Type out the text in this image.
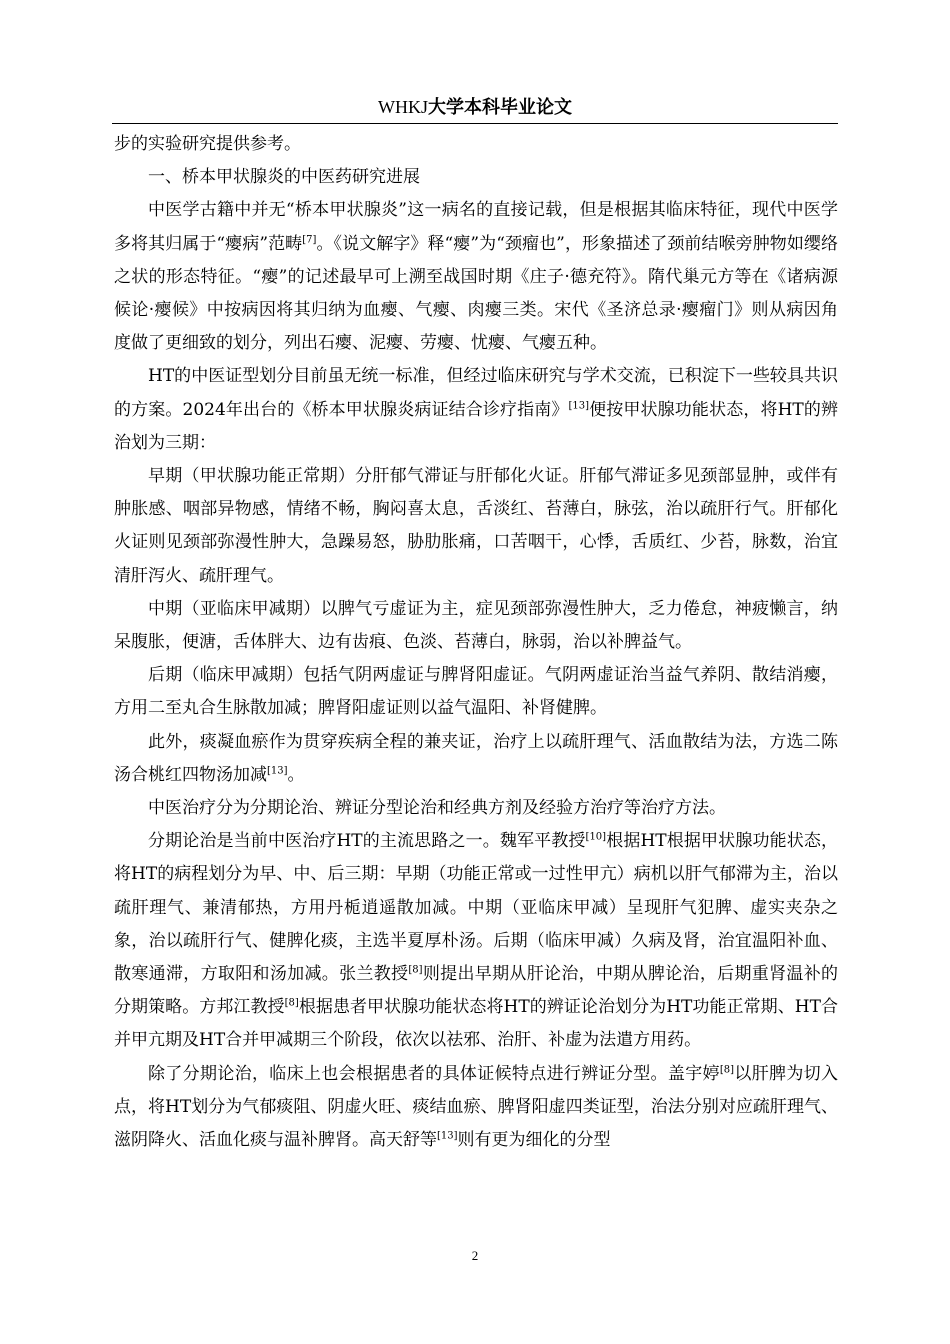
WHKJ大学本科毕业论文

步的实验研究提供参考。

一、桥本甲状腺炎的中医药研究进展

中医学古籍中并无“桥本甲状腺炎”这一病名的直接记载，但是根据其临床特征，现代中医学多将其归属于“瘿病”范畴[7]。《说文解字》释“瘿”为“颈瘤也”，形象描述了颈前结喉旁肿物如缨络之状的形态特征。“瘿”的记述最早可上溯至战国时期《庄子·德充符》。隋代巢元方等在《诸病源候论·瘿候》中按病因将其归纳为血瘿、气瘿、肉瘿三类。宋代《圣济总录·瘿瘤门》则从病因角度做了更细致的划分，列出石瘿、泥瘿、劳瘿、忧瘿、气瘿五种。

HT的中医证型划分目前虽无统一标准，但经过临床研究与学术交流，已积淀下一些较具共识的方案。2024年出台的《桥本甲状腺炎病证结合诊疗指南》[13]便按甲状腺功能状态，将HT的辨治划为三期：

早期（甲状腺功能正常期）分肝郁气滞证与肝郁化火证。肝郁气滞证多见颈部显肿，或伴有肿胀感、咽部异物感，情绪不畅，胸闷喜太息，舌淡红、苔薄白，脉弦，治以疏肝行气。肝郁化火证则见颈部弥漫性肿大，急躁易怒，胁肋胀痛，口苦咽干，心悸，舌质红、少苔，脉数，治宜清肝泻火、疏肝理气。

中期（亚临床甲减期）以脾气亏虚证为主，症见颈部弥漫性肿大，乏力倦怠，神疲懒言，纳呆腹胀，便溏，舌体胖大、边有齿痕、色淡、苔薄白，脉弱，治以补脾益气。

后期（临床甲减期）包括气阴两虚证与脾肾阳虚证。气阴两虚证治当益气养阴、散结消瘿，方用二至丸合生脉散加减；脾肾阳虚证则以益气温阳、补肾健脾。

此外，痰凝血瘀作为贯穿疾病全程的兼夹证，治疗上以疏肝理气、活血散结为法，方选二陈汤合桃红四物汤加减[13]。

中医治疗分为分期论治、辨证分型论治和经典方剂及经验方治疗等治疗方法。

分期论治是当前中医治疗HT的主流思路之一。魏军平教授[10]根据HT根据甲状腺功能状态，将HT的病程划分为早、中、后三期：早期（功能正常或一过性甲亢）病机以肝气郁滞为主，治以疏肝理气、兼清郁热，方用丹栀逍遥散加减。中期（亚临床甲减）呈现肝气犯脾、虚实夹杂之象，治以疏肝行气、健脾化痰，主选半夏厚朴汤。后期（临床甲减）久病及肾，治宜温阳补血、散寒通滞，方取阳和汤加减。张兰教授[8]则提出早期从肝论治，中期从脾论治，后期重肾温补的分期策略。方邦江教授[8]根据患者甲状腺功能状态将HT的辨证论治划分为HT功能正常期、HT合并甲亢期及HT合并甲减期三个阶段，依次以祛邪、治肝、补虚为法遣方用药。

除了分期论治，临床上也会根据患者的具体证候特点进行辨证分型。盖宇婷[8]以肝脾为切入点，将HT划分为气郁痰阻、阴虚火旺、痰结血瘀、脾肾阳虚四类证型，治法分别对应疏肝理气、滋阴降火、活血化痰与温补脾肾。高天舒等[13]则有更为细化的分型

2
